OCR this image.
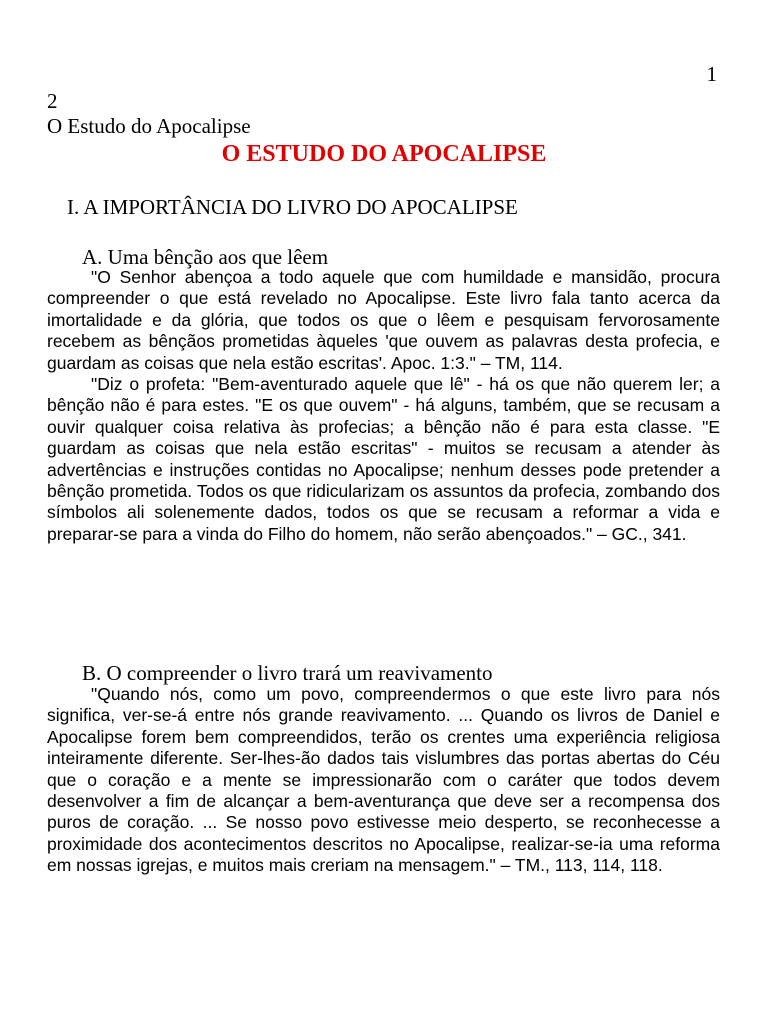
1
2
O Estudo do Apocalipse
O ESTUDO DO APOCALIPSE
I. A IMPORTÂNCIA DO LIVRO DO APOCALIPSE
A. Uma bênção aos que lêem

"O Senhor abençoa a todo aquele que com humildade e mansidão, procura compreender o que está revelado no Apocalipse. Este livro fala tanto acerca da imortalidade e da glória, que todos os que o lêem e pesquisam fervorosamente recebem as bênçãos prometidas àqueles 'que ouvem as palavras desta profecia, e guardam as coisas que nela estão escritas'. Apoc. 1:3." – TM, 114.

"Diz o profeta: "Bem-aventurado aquele que lê" - há os que não querem ler; a bênção não é para estes. "E os que ouvem" - há alguns, também, que se recusam a ouvir qualquer coisa relativa às profecias; a bênção não é para esta classe. "E guardam as coisas que nela estão escritas" - muitos se recusam a atender às advertências e instruções contidas no Apocalipse; nenhum desses pode pretender a bênção prometida. Todos os que ridicularizam os assuntos da profecia, zombando dos símbolos ali solenemente dados, todos os que se recusam a reformar a vida e preparar-se para a vinda do Filho do homem, não serão abençoados." – GC., 341.

B. O compreender o livro trará um reavivamento

"Quando nós, como um povo, compreendermos o que este livro para nós significa, ver-se-á entre nós grande reavivamento. ... Quando os livros de Daniel e Apocalipse forem bem compreendidos, terão os crentes uma experiência religiosa inteiramente diferente. Ser-lhes-ão dados tais vislumbres das portas abertas do Céu que o coração e a mente se impressionarão com o caráter que todos devem desenvolver a fim de alcançar a bem-aventurança que deve ser a recompensa dos puros de coração. ... Se nosso povo estivesse meio desperto, se reconhecesse a proximidade dos acontecimentos descritos no Apocalipse, realizar-se-ia uma reforma em nossas igrejas, e muitos mais creriam na mensagem." – TM., 113, 114, 118.
